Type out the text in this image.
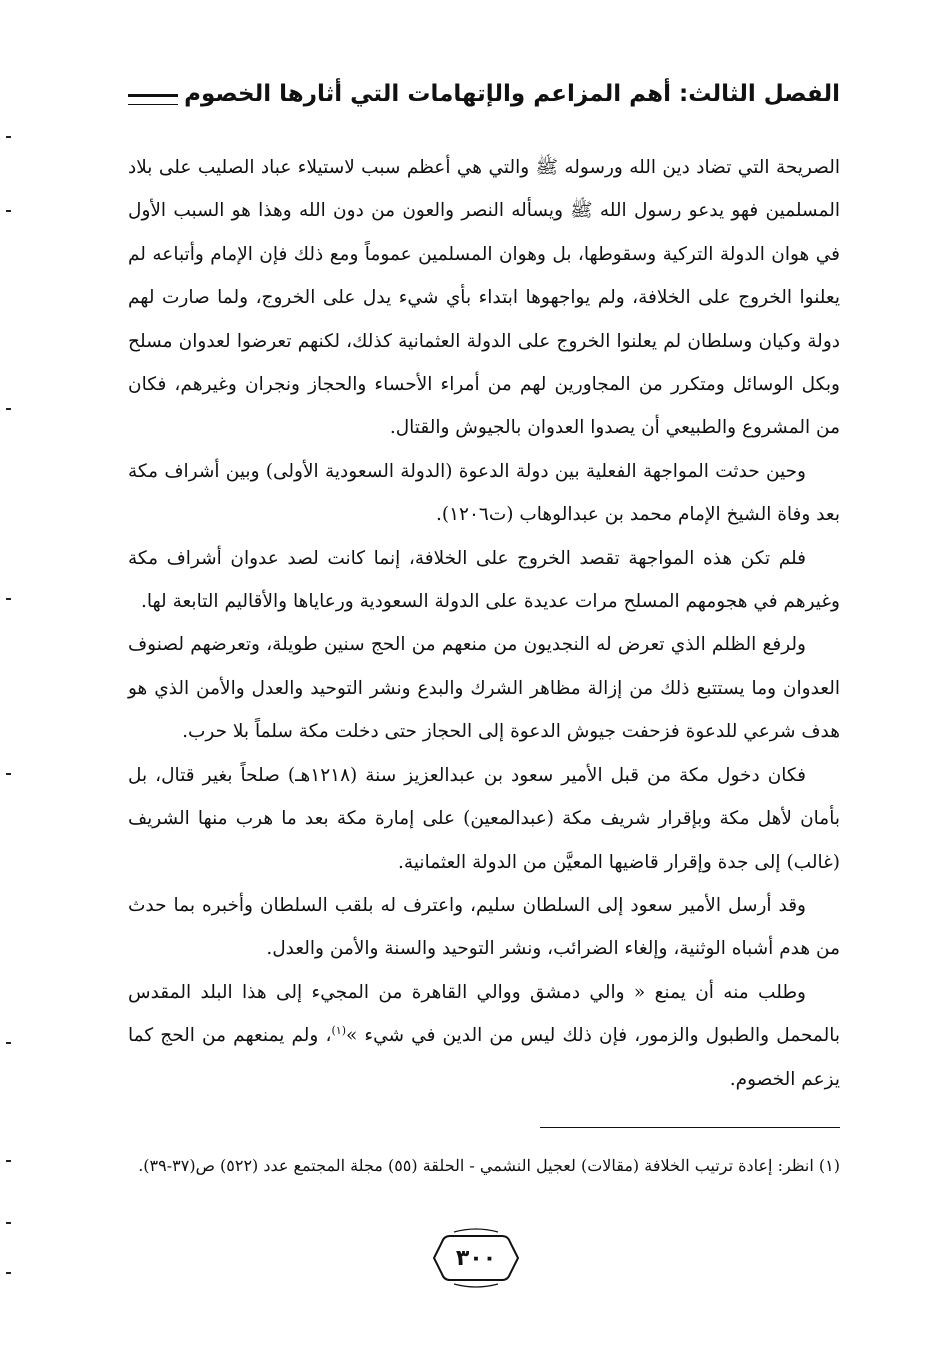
الفصل الثالث: أهم المزاعم والإتهامات التي أثارها الخصوم

الصريحة التي تضاد دين الله ورسوله ﷺ والتي هي أعظم سبب لاستيلاء عباد الصليب على بلاد المسلمين فهو يدعو رسول الله ﷺ ويسأله النصر والعون من دون الله وهذا هو السبب الأول في هوان الدولة التركية وسقوطها، بل وهوان المسلمين عموماً ومع ذلك فإن الإمام وأتباعه لم يعلنوا الخروج على الخلافة، ولم يواجهوها ابتداء بأي شيء يدل على الخروج، ولما صارت لهم دولة وكيان وسلطان لم يعلنوا الخروج على الدولة العثمانية كذلك، لكنهم تعرضوا لعدوان مسلح وبكل الوسائل ومتكرر من المجاورين لهم من أمراء الأحساء والحجاز ونجران وغيرهم، فكان من المشروع والطبيعي أن يصدوا العدوان بالجيوش والقتال.

وحين حدثت المواجهة الفعلية بين دولة الدعوة (الدولة السعودية الأولى) وبين أشراف مكة بعد وفاة الشيخ الإمام محمد بن عبدالوهاب (ت١٢٠٦).

فلم تكن هذه المواجهة تقصد الخروج على الخلافة، إنما كانت لصد عدوان أشراف مكة وغيرهم في هجومهم المسلح مرات عديدة على الدولة السعودية ورعاياها والأقاليم التابعة لها.

ولرفع الظلم الذي تعرض له النجديون من منعهم من الحج سنين طويلة، وتعرضهم لصنوف العدوان وما يستتبع ذلك من إزالة مظاهر الشرك والبدع ونشر التوحيد والعدل والأمن الذي هو هدف شرعي للدعوة فزحفت جيوش الدعوة إلى الحجاز حتى دخلت مكة سلماً بلا حرب.

فكان دخول مكة من قبل الأمير سعود بن عبدالعزيز سنة (١٢١٨هـ) صلحاً بغير قتال، بل بأمان لأهل مكة وبإقرار شريف مكة (عبدالمعين) على إمارة مكة بعد ما هرب منها الشريف (غالب) إلى جدة وإقرار قاضيها المعيَّن من الدولة العثمانية.

وقد أرسل الأمير سعود إلى السلطان سليم، واعترف له بلقب السلطان وأخبره بما حدث من هدم أشباه الوثنية، وإلغاء الضرائب، ونشر التوحيد والسنة والأمن والعدل.

وطلب منه أن يمنع « والي دمشق ووالي القاهرة من المجيء إلى هذا البلد المقدس بالمحمل والطبول والزمور، فإن ذلك ليس من الدين في شيء »$^{(١)}$، ولم يمنعهم من الحج كما يزعم الخصوم.

(١) انظر: إعادة ترتيب الخلافة (مقالات) لعجيل النشمي - الحلقة (٥٥) مجلة المجتمع عدد (٥٢٢) ص(٣٧-٣٩).
٣٠٠
